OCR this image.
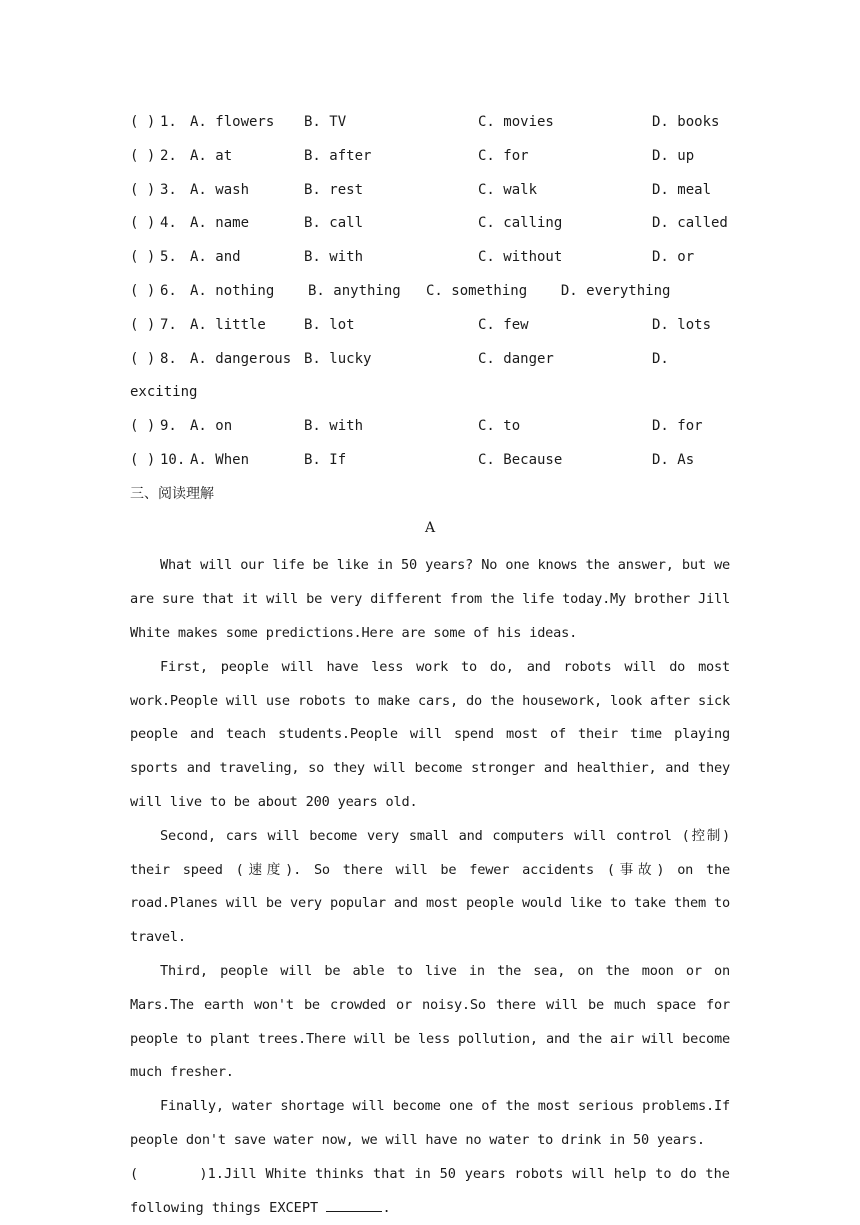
( ) 1. A. flowers B. TV	C. movies	D. books
( ) 2. A. at	B. after	C. for	D. up
( ) 3. A. wash	B. rest	C. walk	D. meal
( ) 4. A. name	B. call	C. calling	D. called
( ) 5. A. and	B. with	C. without	D. or
( ) 6. A. nothing    B. anything   C. something    D. everything
( ) 7. A. little	B. lot	C. few	D. lots
( ) 8. A. dangerous B. lucky	C. danger	D.
exciting
( ) 9. A. on	B. with	C. to	D. for
( ) 10. A. When	B. If	C. Because	D. As
三、阅读理解
A

What will our life be like in 50 years? No one knows the answer, but we are sure that it will be very different from the life today.My brother Jill White makes some predictions.Here are some of his ideas.

First, people will have less work to do, and robots will do most work.People will use robots to make cars, do the housework, look after sick people and teach students.People will spend most of their time playing sports and traveling, so they will become stronger and healthier, and they will live to be about 200 years old.

Second, cars will become very small and computers will control (控制) their speed (速度). So there will be fewer accidents (事故) on the road.Planes will be very popular and most people would like to take them to travel.

Third, people will be able to live in the sea, on the moon or on Mars.The earth won't be crowded or noisy.So there will be much space for people to plant trees.There will be less pollution, and the air will become much fresher.

Finally, water shortage will become one of the most serious problems.If people don't save water now, we will have no water to drink in 50 years.

(       )1.Jill White thinks that in 50 years robots will help to do the following things EXCEPT	.
